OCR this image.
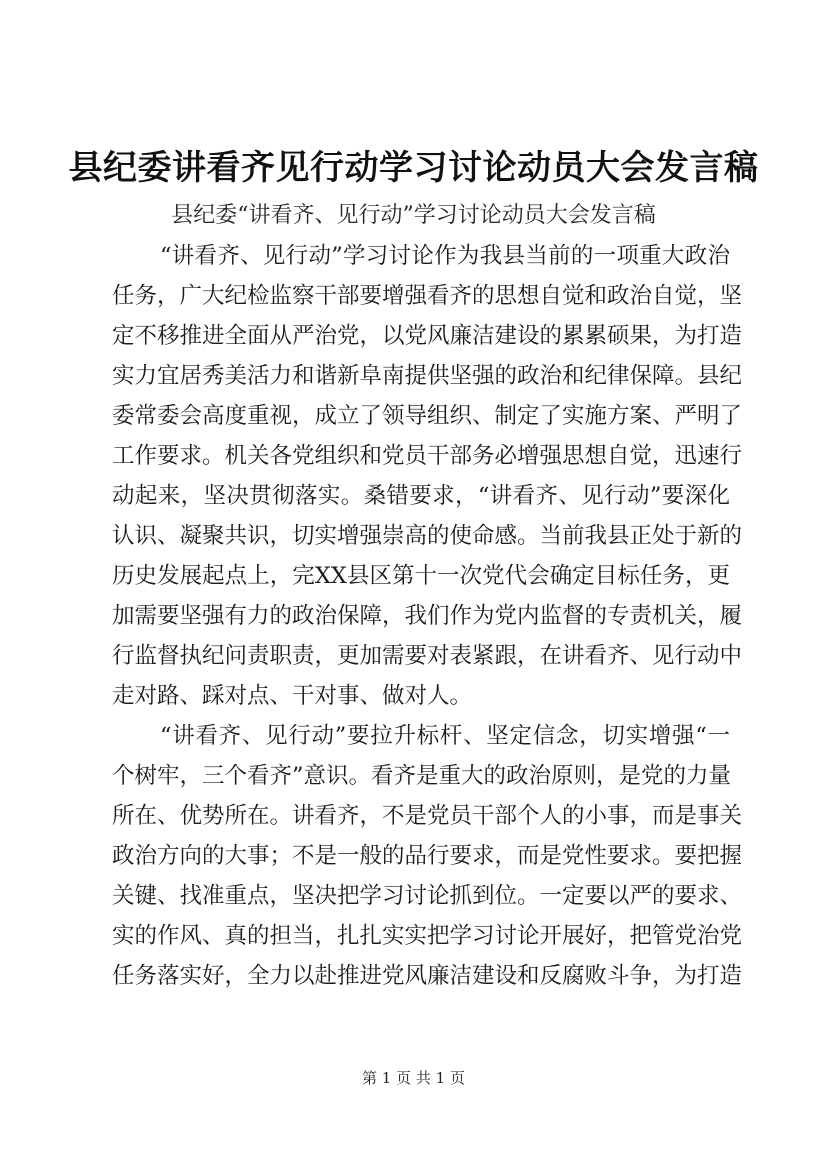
县纪委讲看齐见行动学习讨论动员大会发言稿
县纪委“讲看齐、见行动”学习讨论动员大会发言稿
“讲看齐、见行动”学习讨论作为我县当前的一项重大政治
任务，广大纪检监察干部要增强看齐的思想自觉和政治自觉，坚
定不移推进全面从严治党，以党风廉洁建设的累累硕果，为打造
实力宜居秀美活力和谐新阜南提供坚强的政治和纪律保障。县纪
委常委会高度重视，成立了领导组织、制定了实施方案、严明了
工作要求。机关各党组织和党员干部务必增强思想自觉，迅速行
动起来，坚决贯彻落实。桑错要求，“讲看齐、见行动”要深化
认识、凝聚共识，切实增强崇高的使命感。当前我县正处于新的
历史发展起点上，完XX县区第十一次党代会确定目标任务，更
加需要坚强有力的政治保障，我们作为党内监督的专责机关，履
行监督执纪问责职责，更加需要对表紧跟，在讲看齐、见行动中
走对路、踩对点、干对事、做对人。
“讲看齐、见行动”要拉升标杆、坚定信念，切实增强“一
个树牢，三个看齐”意识。看齐是重大的政治原则，是党的力量
所在、优势所在。讲看齐，不是党员干部个人的小事，而是事关
政治方向的大事；不是一般的品行要求，而是党性要求。要把握
关键、找准重点，坚决把学习讨论抓到位。一定要以严的要求、
实的作风、真的担当，扎扎实实把学习讨论开展好，把管党治党
任务落实好，全力以赴推进党风廉洁建设和反腐败斗争，为打造
第 1 页 共 1 页
